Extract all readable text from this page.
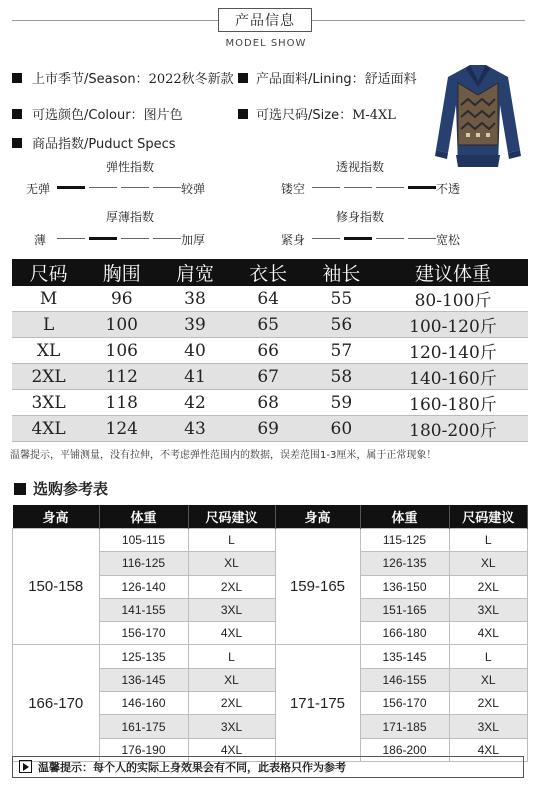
产品信息
MODEL SHOW
上市季节/Season：2022秋冬新款 产品面料/Lining：舒适面料
可选颜色/Colour：图片色	可选尺码/Size：M-4XL
商品指数/Puduct Specs
弹性指数
无弹	较弹
透视指数
镂空	不透
厚薄指数
薄	加厚
修身指数
紧身	宽松
尺码	胸围	肩宽	衣长	袖长	建议体重
M	96	38	64	55	80-100斤
L	100	39	65	56	100-120斤
XL	106	40	66	57	120-140斤
2XL	112	41	67	58	140-160斤
3XL	118	42	68	59	160-180斤
4XL	124	43	69	60	180-200斤
温馨提示，平铺测量，没有拉伸，不考虑弹性范围内的数据，误差范围1-3厘米，属于正常现象！
选购参考表
身高	体重	尺码建议	身高	体重	尺码建议
150-158	105-115	L	159-165	115-125	L
	116-125	XL		126-135	XL
	126-140	2XL		136-150	2XL
	141-155	3XL		151-165	3XL
	156-170	4XL		166-180	4XL
166-170	125-135	L	171-175	135-145	L
	136-145	XL		146-155	XL
	146-160	2XL		156-170	2XL
	161-175	3XL		171-185	3XL
	176-190	4XL		186-200	4XL
温馨提示：每个人的实际上身效果会有不同，此表格只作为参考
